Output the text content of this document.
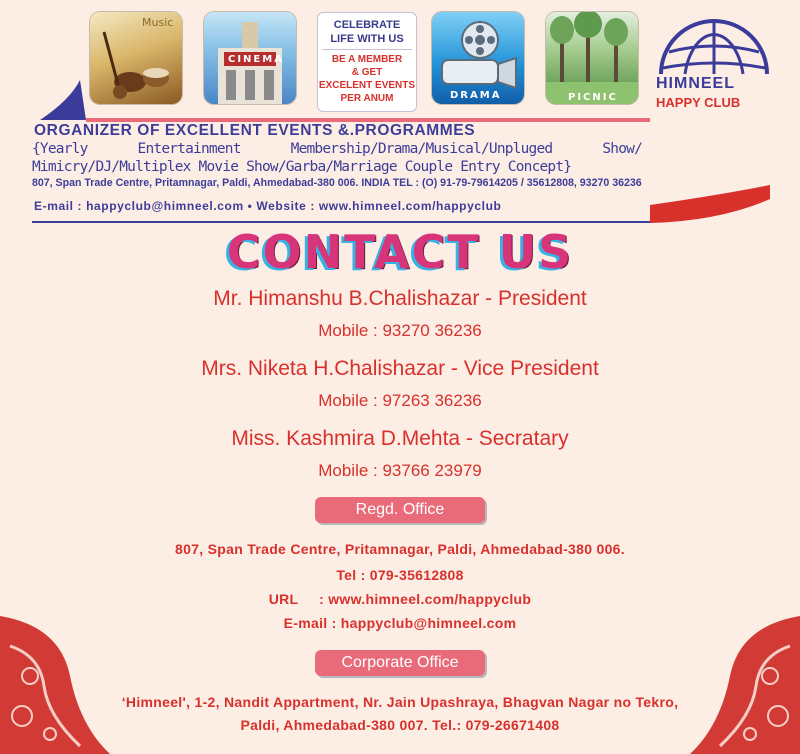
Music
CINEMA
CELEBRATE
LIFE WITH US
BE A MEMBER
& GET
EXCELENT EVENTS
PER ANUM	DRAMA	PICNIC
HIMNEEL
HAPPY CLUB
ORGANIZER OF EXCELLENT EVENTS &.PROGRAMMES
{Yearly Entertainment Membership/Drama/Musical/Unpluged Show/ Mimicry/DJ/Multiplex Movie Show/Garba/Marriage Couple Entry Concept}
807, Span Trade Centre, Pritamnagar, Paldi, Ahmedabad-380 006. INDIA TEL : (O) 91-79-79614205 / 35612808, 93270 36236
E-mail : happyclub@himneel.com • Website : www.himneel.com/happyclub
CONTACT US
Mr. Himanshu B.Chalishazar - President
Mobile : 93270 36236
Mrs. Niketa H.Chalishazar - Vice President
Mobile : 97263 36236
Miss. Kashmira D.Mehta - Secratary
Mobile : 93766 23979
Regd. Office
807, Span Trade Centre, Pritamnagar, Paldi, Ahmedabad-380 006.
Tel : 079-35612808
URL     : www.himneel.com/happyclub
E-mail : happyclub@himneel.com
Corporate Office
‘Himneel', 1-2, Nandit Appartment, Nr. Jain Upashraya, Bhagvan Nagar no Tekro,
Paldi, Ahmedabad-380 007. Tel.: 079-26671408
